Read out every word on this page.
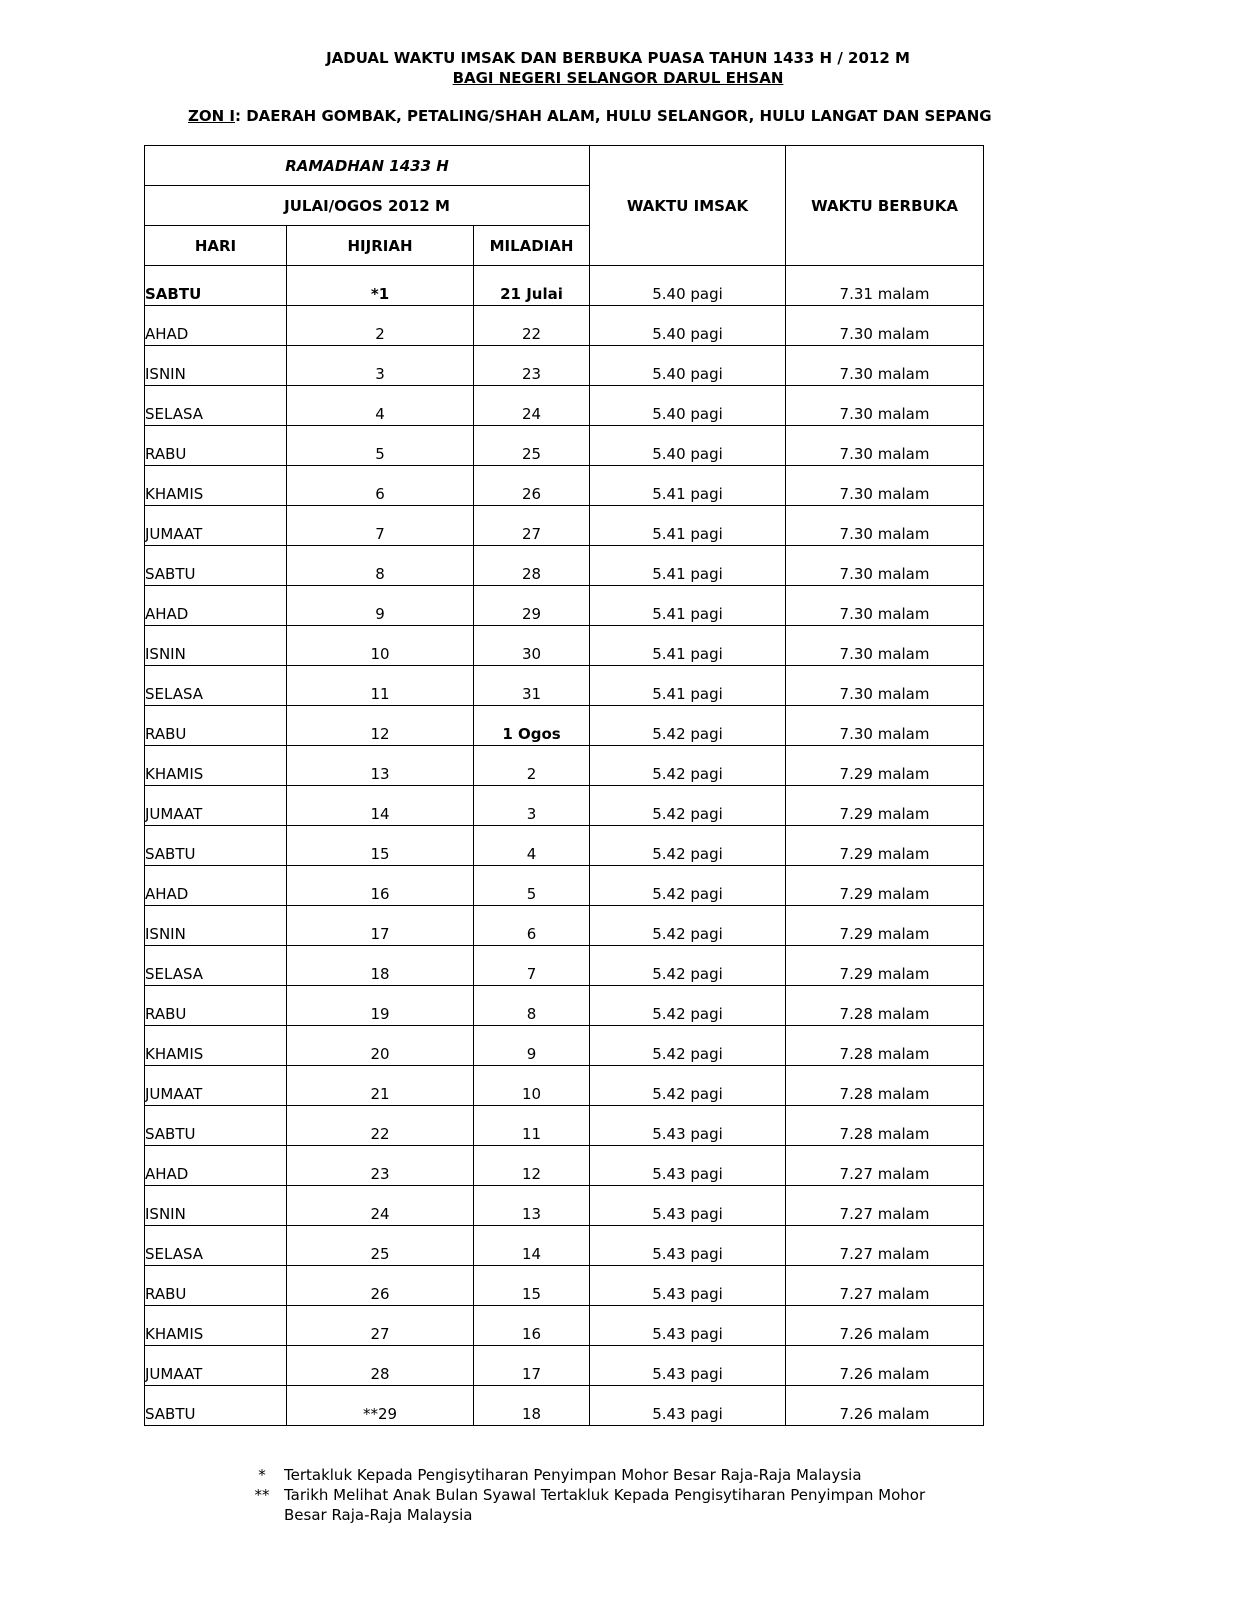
JADUAL WAKTU IMSAK DAN BERBUKA PUASA TAHUN 1433 H / 2012 M
BAGI NEGERI SELANGOR DARUL EHSAN
ZON I: DAERAH GOMBAK, PETALING/SHAH ALAM, HULU SELANGOR, HULU LANGAT DAN SEPANG
RAMADHAN 1433 H			WAKTU IMSAK	WAKTU BERBUKA
JULAI/OGOS 2012 M				
HARI	HIJRIAH	MILADIAH		
SABTU	*1	21 Julai	5.40 pagi	7.31 malam
AHAD	2	22	5.40 pagi	7.30 malam
ISNIN	3	23	5.40 pagi	7.30 malam
SELASA	4	24	5.40 pagi	7.30 malam
RABU	5	25	5.40 pagi	7.30 malam
KHAMIS	6	26	5.41 pagi	7.30 malam
JUMAAT	7	27	5.41 pagi	7.30 malam
SABTU	8	28	5.41 pagi	7.30 malam
AHAD	9	29	5.41 pagi	7.30 malam
ISNIN	10	30	5.41 pagi	7.30 malam
SELASA	11	31	5.41 pagi	7.30 malam
RABU	12	1 Ogos	5.42 pagi	7.30 malam
KHAMIS	13	2	5.42 pagi	7.29 malam
JUMAAT	14	3	5.42 pagi	7.29 malam
SABTU	15	4	5.42 pagi	7.29 malam
AHAD	16	5	5.42 pagi	7.29 malam
ISNIN	17	6	5.42 pagi	7.29 malam
SELASA	18	7	5.42 pagi	7.29 malam
RABU	19	8	5.42 pagi	7.28 malam
KHAMIS	20	9	5.42 pagi	7.28 malam
JUMAAT	21	10	5.42 pagi	7.28 malam
SABTU	22	11	5.43 pagi	7.28 malam
AHAD	23	12	5.43 pagi	7.27 malam
ISNIN	24	13	5.43 pagi	7.27 malam
SELASA	25	14	5.43 pagi	7.27 malam
RABU	26	15	5.43 pagi	7.27 malam
KHAMIS	27	16	5.43 pagi	7.26 malam
JUMAAT	28	17	5.43 pagi	7.26 malam
SABTU	**29	18	5.43 pagi	7.26 malam
*	Tertakluk Kepada Pengisytiharan Penyimpan Mohor Besar Raja-Raja Malaysia
** Tarikh Melihat Anak Bulan Syawal Tertakluk Kepada Pengisytiharan Penyimpan Mohor Besar Raja-Raja Malaysia
